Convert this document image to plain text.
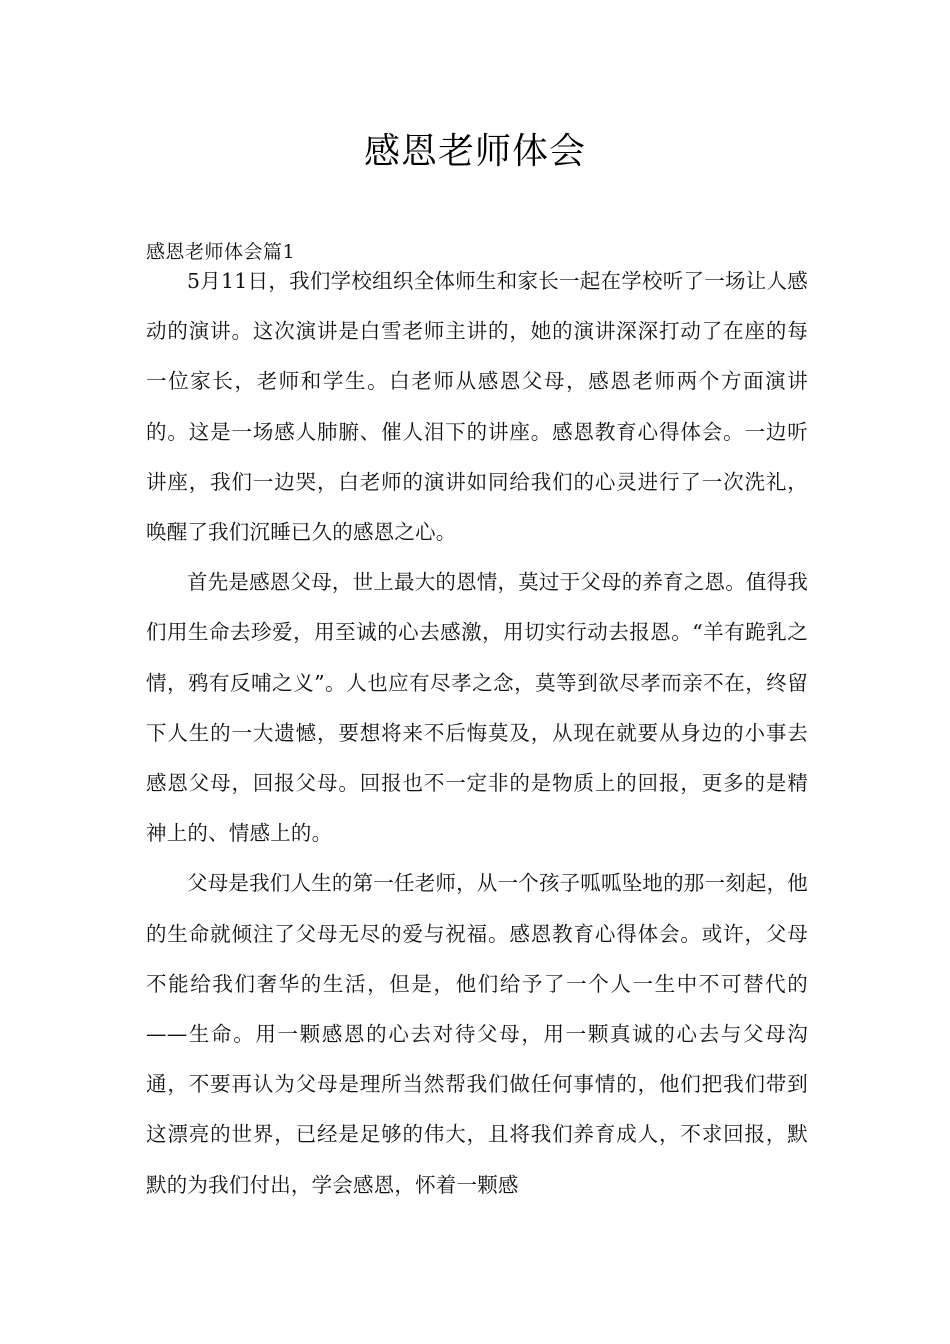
感恩老师体会
感恩老师体会篇1

5月11日，我们学校组织全体师生和家长一起在学校听了一场让人感动的演讲。这次演讲是白雪老师主讲的，她的演讲深深打动了在座的每一位家长，老师和学生。白老师从感恩父母，感恩老师两个方面演讲的。这是一场感人肺腑、催人泪下的讲座。感恩教育心得体会。一边听讲座，我们一边哭，白老师的演讲如同给我们的心灵进行了一次洗礼，唤醒了我们沉睡已久的感恩之心。

首先是感恩父母，世上最大的恩情，莫过于父母的养育之恩。值得我们用生命去珍爱，用至诚的心去感激，用切实行动去报恩。“羊有跪乳之情，鸦有反哺之义”。人也应有尽孝之念，莫等到欲尽孝而亲不在，终留下人生的一大遗憾，要想将来不后悔莫及，从现在就要从身边的小事去感恩父母，回报父母。回报也不一定非的是物质上的回报，更多的是精神上的、情感上的。

父母是我们人生的第一任老师，从一个孩子呱呱坠地的那一刻起，他的生命就倾注了父母无尽的爱与祝福。感恩教育心得体会。或许，父母不能给我们奢华的生活，但是，他们给予了一个人一生中不可替代的——生命。用一颗感恩的心去对待父母，用一颗真诚的心去与父母沟通，不要再认为父母是理所当然帮我们做任何事情的，他们把我们带到这漂亮的世界，已经是足够的伟大，且将我们养育成人，不求回报，默默的为我们付出，学会感恩，怀着一颗感
